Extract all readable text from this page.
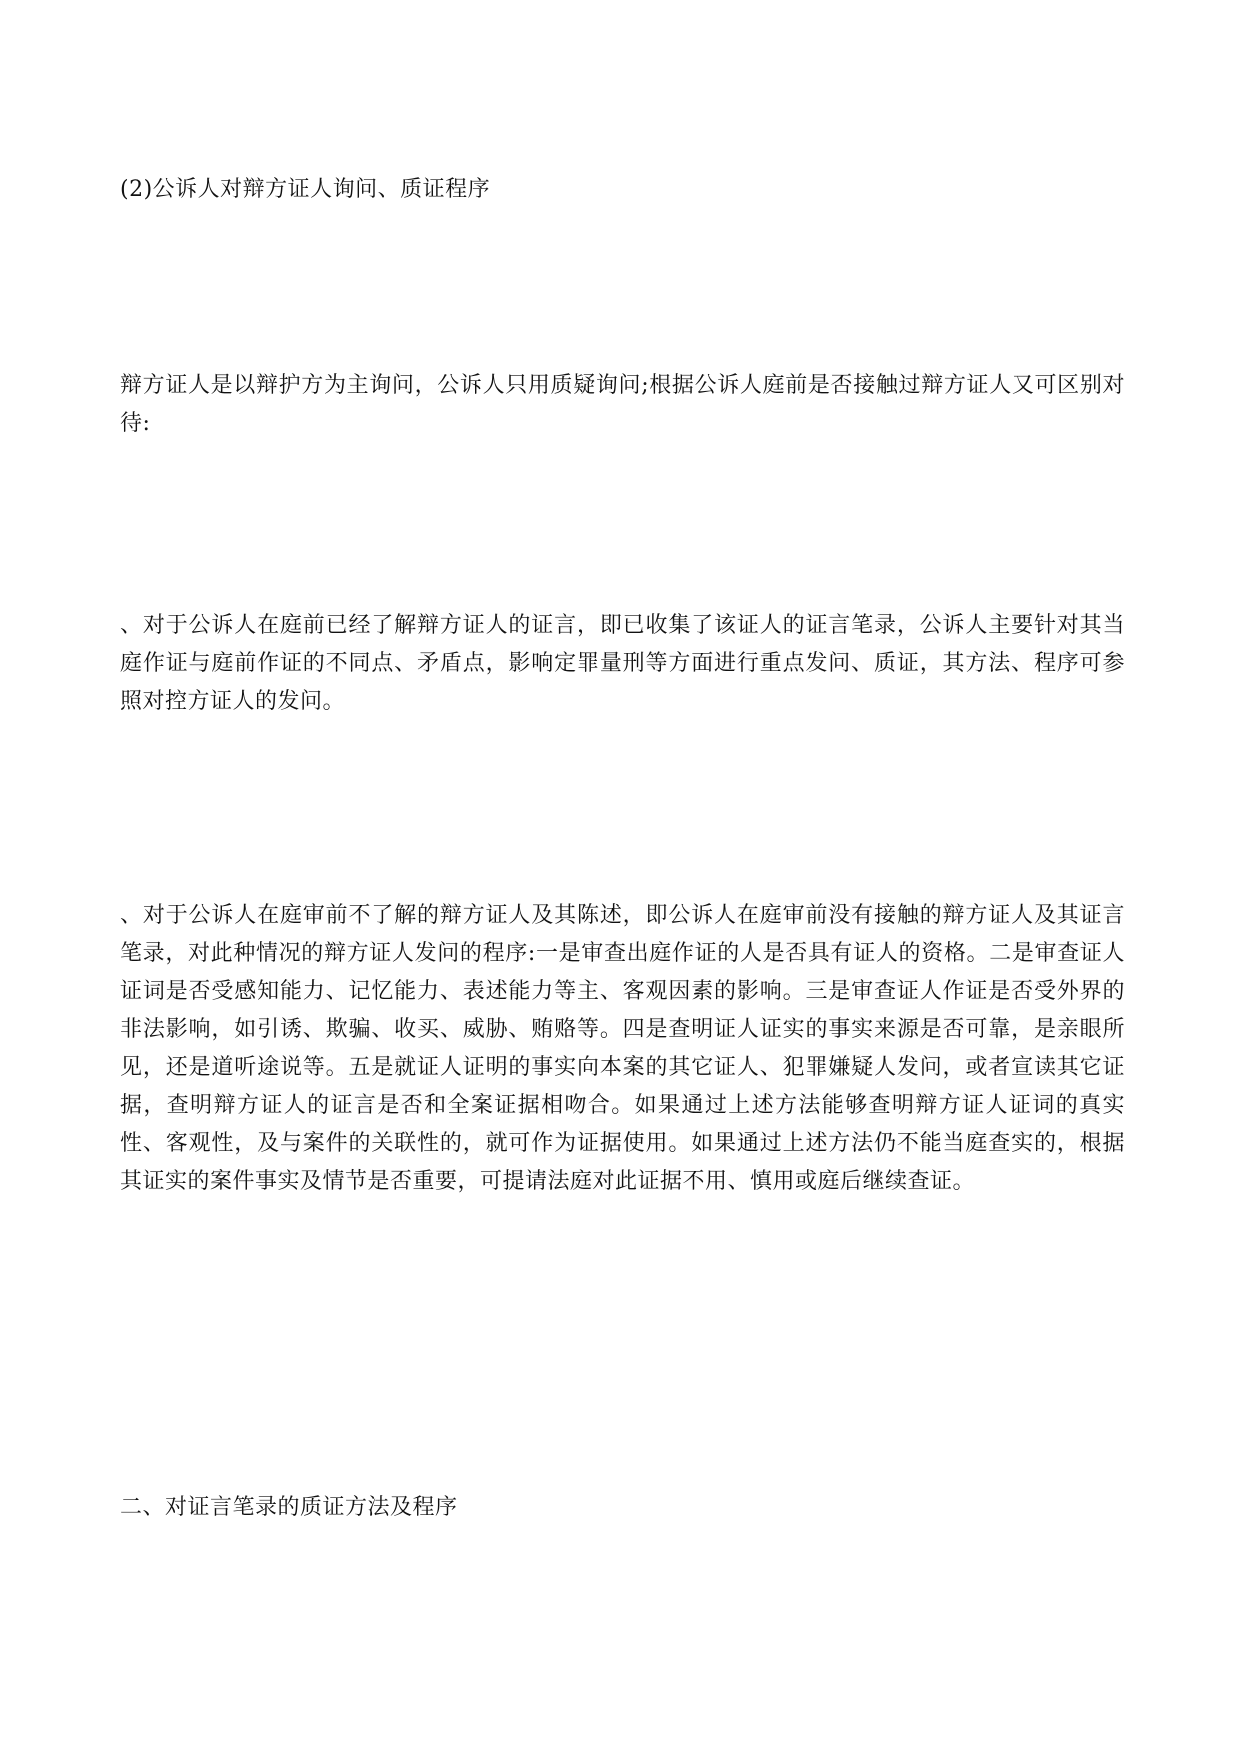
(2)公诉人对辩方证人询问、质证程序

辩方证人是以辩护方为主询问，公诉人只用质疑询问;根据公诉人庭前是否接触过辩方证人又可区别对待:

、对于公诉人在庭前已经了解辩方证人的证言，即已收集了该证人的证言笔录，公诉人主要针对其当庭作证与庭前作证的不同点、矛盾点，影响定罪量刑等方面进行重点发问、质证，其方法、程序可参照对控方证人的发问。

、对于公诉人在庭审前不了解的辩方证人及其陈述，即公诉人在庭审前没有接触的辩方证人及其证言笔录，对此种情况的辩方证人发问的程序:一是审查出庭作证的人是否具有证人的资格。二是审查证人证词是否受感知能力、记忆能力、表述能力等主、客观因素的影响。三是审查证人作证是否受外界的非法影响，如引诱、欺骗、收买、威胁、贿赂等。四是查明证人证实的事实来源是否可靠，是亲眼所见，还是道听途说等。五是就证人证明的事实向本案的其它证人、犯罪嫌疑人发问，或者宣读其它证据，查明辩方证人的证言是否和全案证据相吻合。如果通过上述方法能够查明辩方证人证词的真实性、客观性，及与案件的关联性的，就可作为证据使用。如果通过上述方法仍不能当庭查实的，根据其证实的案件事实及情节是否重要，可提请法庭对此证据不用、慎用或庭后继续查证。

二、对证言笔录的质证方法及程序
